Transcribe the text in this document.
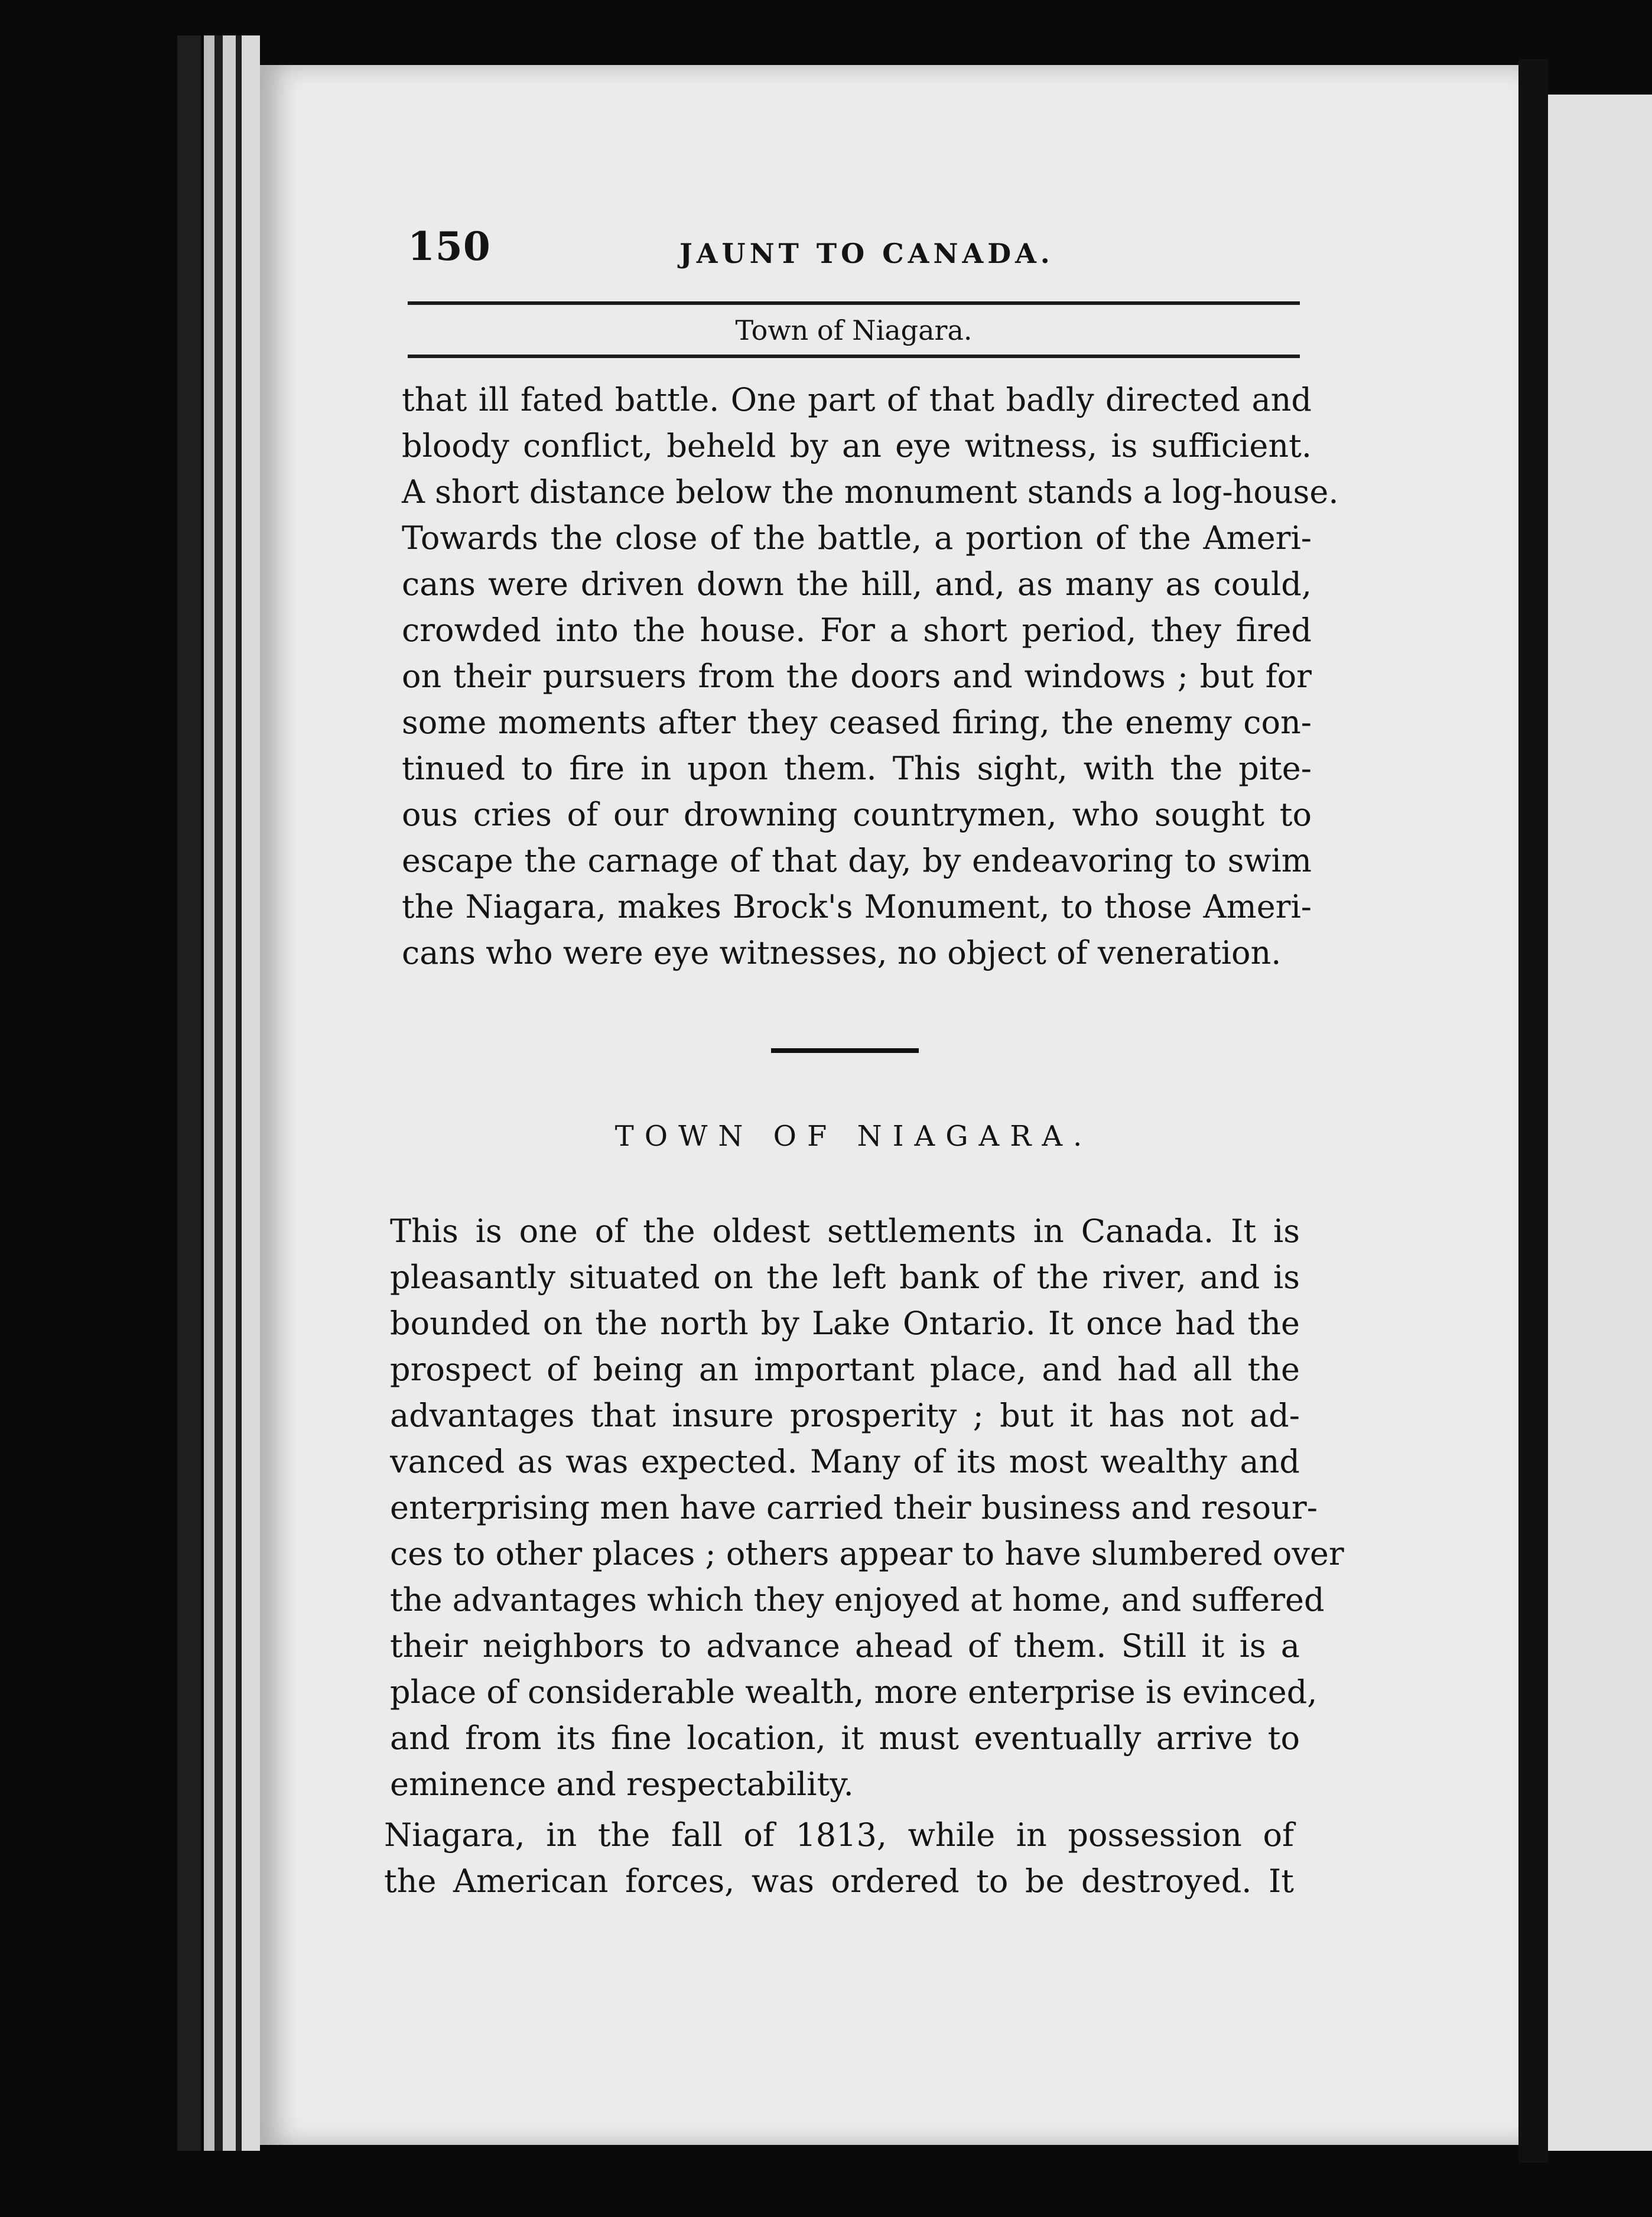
150	JAUNT TO CANADA.
Town of Niagara.
that ill fated battle. One part of that badly directed and
bloody conflict, beheld by an eye witness, is sufficient.
A short distance below the monument stands a log-house.
Towards the close of the battle, a portion of the Ameri-
cans were driven down the hill, and, as many as could,
crowded into the house. For a short period, they fired
on their pursuers from the doors and windows ; but for
some moments after they ceased firing, the enemy con-
tinued to fire in upon them. This sight, with the pite-
ous cries of our drowning countrymen, who sought to
escape the carnage of that day, by endeavoring to swim
the Niagara, makes Brock's Monument, to those Ameri-
cans who were eye witnesses, no object of veneration.
TOWN OF NIAGARA.
This is one of the oldest settlements in Canada. It is
pleasantly situated on the left bank of the river, and is
bounded on the north by Lake Ontario. It once had the
prospect of being an important place, and had all the
advantages that insure prosperity ; but it has not ad-
vanced as was expected. Many of its most wealthy and
enterprising men have carried their business and resour-
ces to other places ; others appear to have slumbered over
the advantages which they enjoyed at home, and suffered
their neighbors to advance ahead of them. Still it is a
place of considerable wealth, more enterprise is evinced,
and from its fine location, it must eventually arrive to
eminence and respectability.
Niagara, in the fall of 1813, while in possession of
the American forces, was ordered to be destroyed. It
